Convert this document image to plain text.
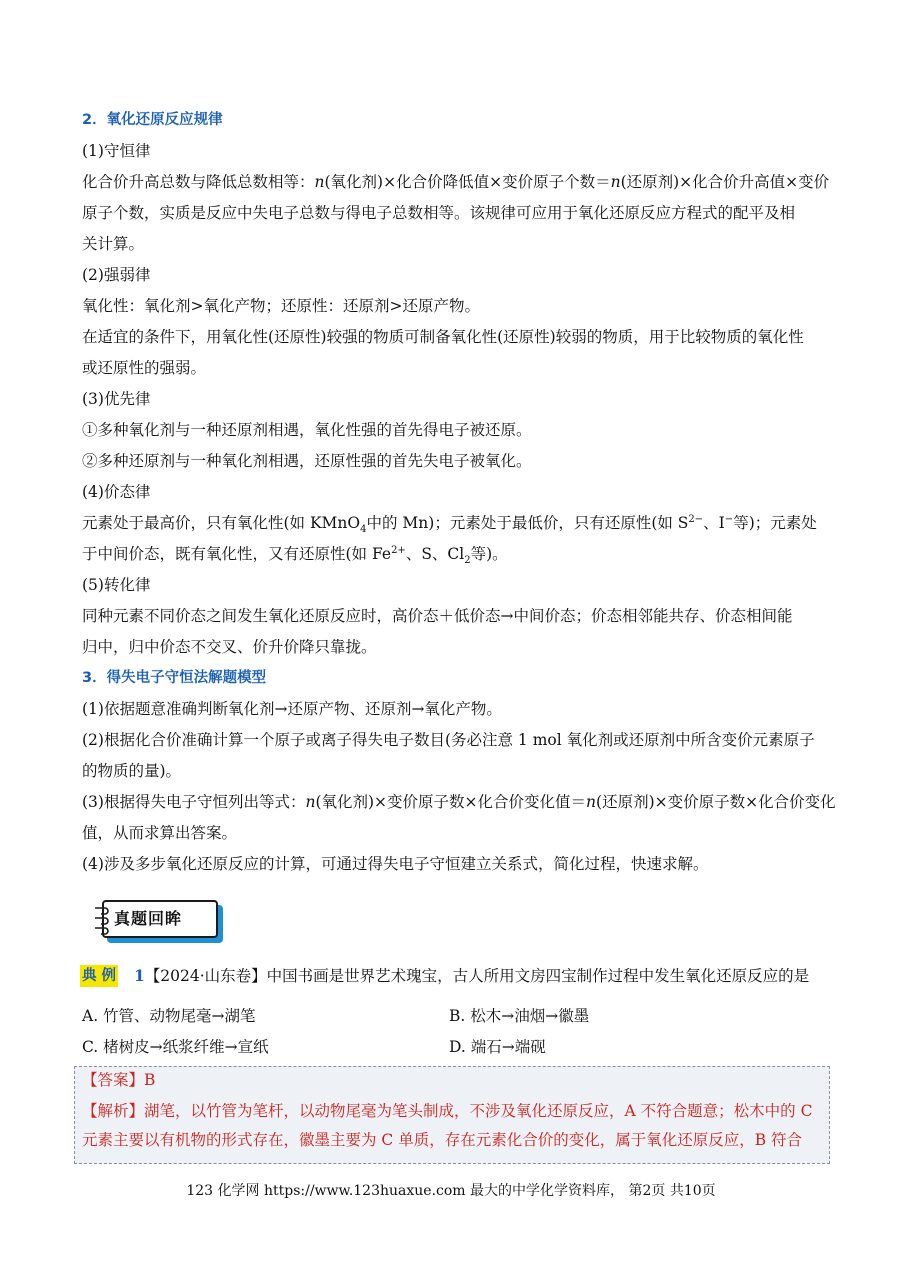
2．氧化还原反应规律
(1)守恒律
化合价升高总数与降低总数相等：n(氧化剂)×化合价降低值×变价原子个数＝n(还原剂)×化合价升高值×变价
原子个数，实质是反应中失电子总数与得电子总数相等。该规律可应用于氧化还原反应方程式的配平及相
关计算。
(2)强弱律
氧化性：氧化剂>氧化产物；还原性：还原剂>还原产物。
在适宜的条件下，用氧化性(还原性)较强的物质可制备氧化性(还原性)较弱的物质，用于比较物质的氧化性
或还原性的强弱。
(3)优先律
①多种氧化剂与一种还原剂相遇，氧化性强的首先得电子被还原。
②多种还原剂与一种氧化剂相遇，还原性强的首先失电子被氧化。
(4)价态律
元素处于最高价，只有氧化性(如 KMnO$_4$中的 Mn)；元素处于最低价，只有还原性(如 $S^{2-}$、I−等)；元素处
于中间价态，既有氧化性，又有还原性(如 $Fe^{2+}$、S、$Cl_2$等)。
(5)转化律
同种元素不同价态之间发生氧化还原反应时，高价态＋低价态→中间价态；价态相邻能共存、价态相间能
归中，归中价态不交叉、价升价降只靠拢。
3．得失电子守恒法解题模型
(1)依据题意准确判断氧化剂→还原产物、还原剂→氧化产物。
(2)根据化合价准确计算一个原子或离子得失电子数目(务必注意 1 mol 氧化剂或还原剂中所含变价元素原子
的物质的量)。
(3)根据得失电子守恒列出等式：n(氧化剂)×变价原子数×化合价变化值＝n(还原剂)×变价原子数×化合价变化
值，从而求算出答案。
(4)涉及多步氧化还原反应的计算，可通过得失电子守恒建立关系式，简化过程，快速求解。
真题回眸
典 例 1【2024·山东卷】中国书画是世界艺术瑰宝，古人所用文房四宝制作过程中发生氧化还原反应的是
A. 竹管、动物尾毫→湖笔	B. 松木→油烟→徽墨
C. 楮树皮→纸浆纤维→宣纸	D. 端石→端砚
【答案】B
【解析】湖笔，以竹管为笔杆，以动物尾毫为笔头制成，不涉及氧化还原反应，A 不符合题意；松木中的 C
元素主要以有机物的形式存在，徽墨主要为 C 单质，存在元素化合价的变化，属于氧化还原反应，B 符合
123 化学网 https://www.123huaxue.com 最大的中学化学资料库， 第2页 共10页
